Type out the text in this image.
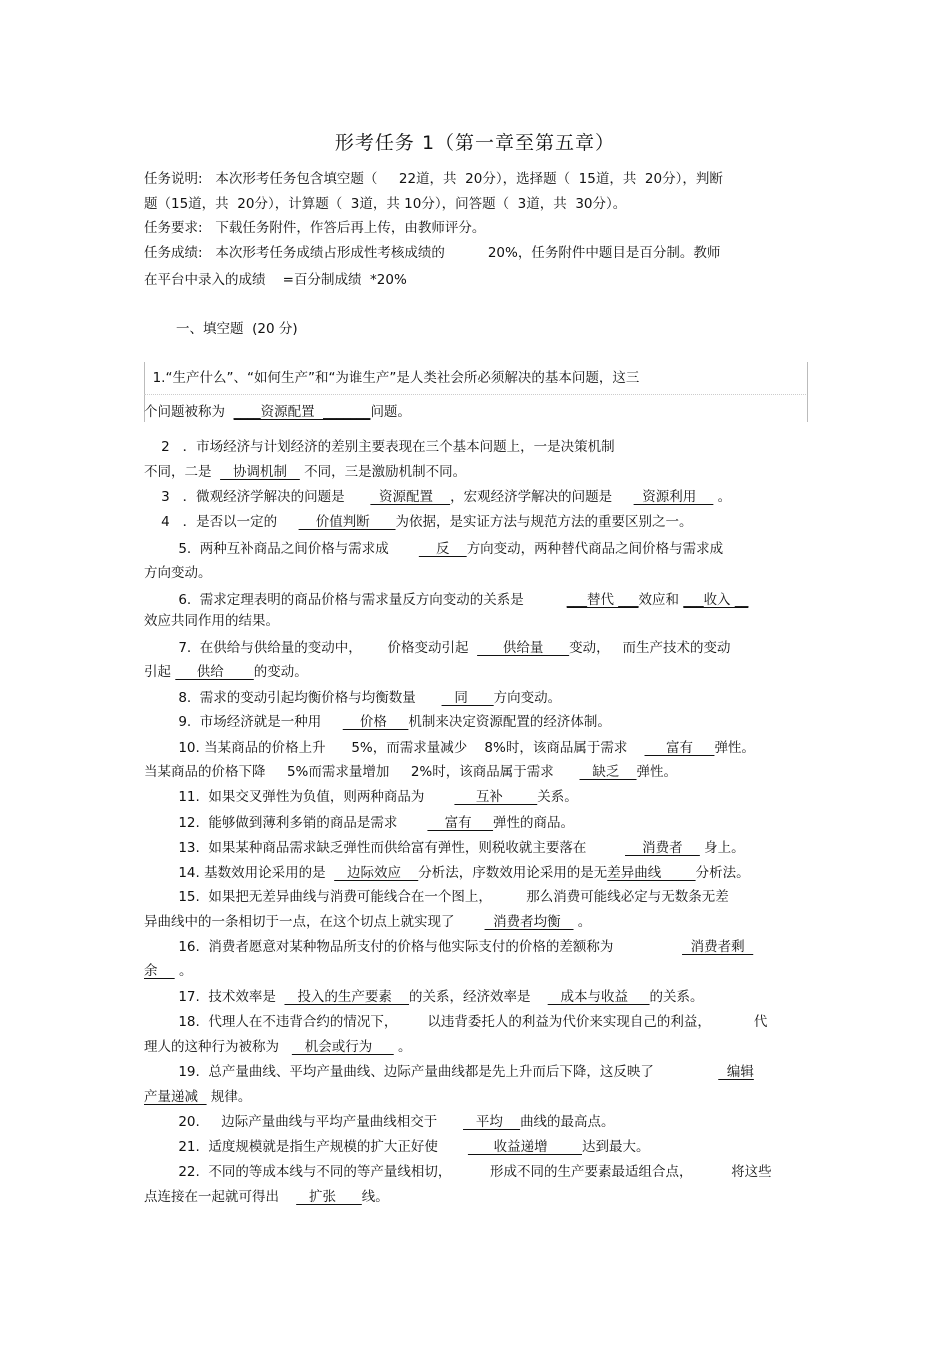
形考任务 1（第一章至第五章）
任务说明:   本次形考任务包含填空题（     22道，共  20分），选择题（  15道，共  20分），判断
题（15道，共  20分），计算题（  3道，共 10分），问答题（  3道，共  30分）。
任务要求:   下载任务附件，作答后再上传，由教师评分。
任务成绩:   本次形考任务成绩占形成性考核成绩的          20%，任务附件中题目是百分制。教师
在平台中录入的成绩    =百分制成绩  *20%
一、填空题  (20 分)
1.“生产什么”、“如何生产”和“为谁生产”是人类社会所必须解决的基本问题，这三
个问题被称为  ____资源配置  _______问题。
2   ．市场经济与计划经济的差别主要表现在三个基本问题上，一是决策机制
不同，二是     协调机制    不同，三是激励机制不同。
3   ．微观经济学解决的问题是        资源配置    ，宏观经济学解决的问题是       资源利用     。
4   ．是否以一定的         价值判断      为依据，是实证方法与规范方法的重要区别之一。
5.  两种互补商品之间价格与需求成           反    方向变动，两种替代商品之间价格与需求成
方向变动。
6.  需求定理表明的商品价格与需求量反方向变动的关系是          ___替代 ___效应和 ___收入 __
效应共同作用的结果。
7.  在供给与供给量的变动中，      价格变动引起        供给量      变动，   而生产技术的变动
引起      供给       的变动。
8.  需求的变动引起均衡价格与均衡数量         同      方向变动。
9.  市场经济就是一种用         价格     机制来决定资源配置的经济体制。
10. 当某商品的价格上升      5%，而需求量减少    8%时，该商品属于需求         富有     弹性。
当某商品的价格下降     5%而需求量增加     2%时，该商品属于需求         缺乏    弹性。
11.  如果交叉弹性为负值，则两种商品为            互补        关系。
12.  能够做到薄利多销的商品是需求           富有     弹性的商品。
13.  如果某种商品需求缺乏弹性而供给富有弹性，则税收就主要落在             消费者     身上。
14. 基数效用论采用的是     边际效应    分析法，序数效用论采用的是无差异曲线        分析法。
15.  如果把无差异曲线与消费可能线合在一个图上，        那么消费可能线必定与无数条无差
异曲线中的一条相切于一点，在这个切点上就实现了         消费者均衡    。
16.  消费者愿意对某种物品所支付的价格与他实际支付的价格的差额称为                  消费者剩
余     。
17.  技术效率是     投入的生产要素    的关系，经济效率是       成本与收益     的关系。
18.  代理人在不违背合约的情况下，       以违背委托人的利益为代价来实现自己的利益，          代
理人的这种行为被称为      机会或行为      。
19.  总产量曲线、平均产量曲线、边际产量曲线都是先上升而后下降，这反映了                 编辑
产量递减   规律。
20.     边际产量曲线与平均产量曲线相交于         平均    曲线的最高点。
21.  适度规模就是指生产规模的扩大正好使             收益递增        达到最大。
22.  不同的等成本线与不同的等产量线相切，         形成不同的生产要素最适组合点，         将这些
点连接在一起就可得出       扩张      线。
